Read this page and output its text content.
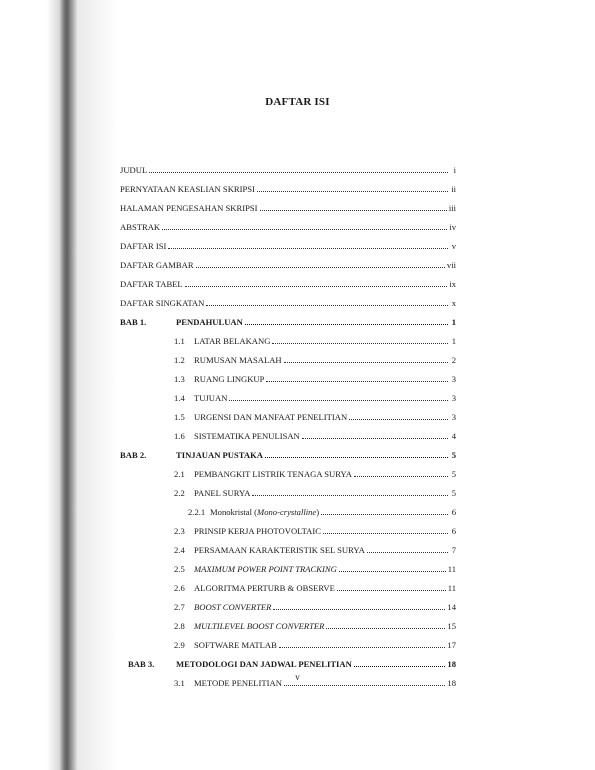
DAFTAR ISI
JUDUL	i
PERNYATAAN KEASLIAN SKRIPSI	ii
HALAMAN PENGESAHAN SKRIPSI	iii
ABSTRAK	iv
DAFTAR ISI	v
DAFTAR GAMBAR	vii
DAFTAR TABEL	ix
DAFTAR SINGKATAN	x
BAB 1.	PENDAHULUAN	1
1.1	LATAR BELAKANG	1
1.2	RUMUSAN MASALAH	2
1.3	RUANG LINGKUP	3
1.4	TUJUAN	3
1.5	URGENSI DAN MANFAAT PENELITIAN	3
1.6	SISTEMATIKA PENULISAN	4
BAB 2.	TINJAUAN PUSTAKA	5
2.1	PEMBANGKIT LISTRIK TENAGA SURYA	5
2.2	PANEL SURYA	5
2.2.1 Monokristal (Mono-crystalline)	6
2.3	PRINSIP KERJA PHOTOVOLTAIC	6
2.4	PERSAMAAN KARAKTERISTIK SEL SURYA	7
2.5	MAXIMUM POWER POINT TRACKING	11
2.6	ALGORITMA PERTURB & OBSERVE	11
2.7	BOOST CONVERTER	14
2.8	MULTILEVEL BOOST CONVERTER	15
2.9	SOFTWARE MATLAB	17
BAB 3.	METODOLOGI DAN JADWAL PENELITIAN	18
3.1	METODE PENELITIAN	18
v
